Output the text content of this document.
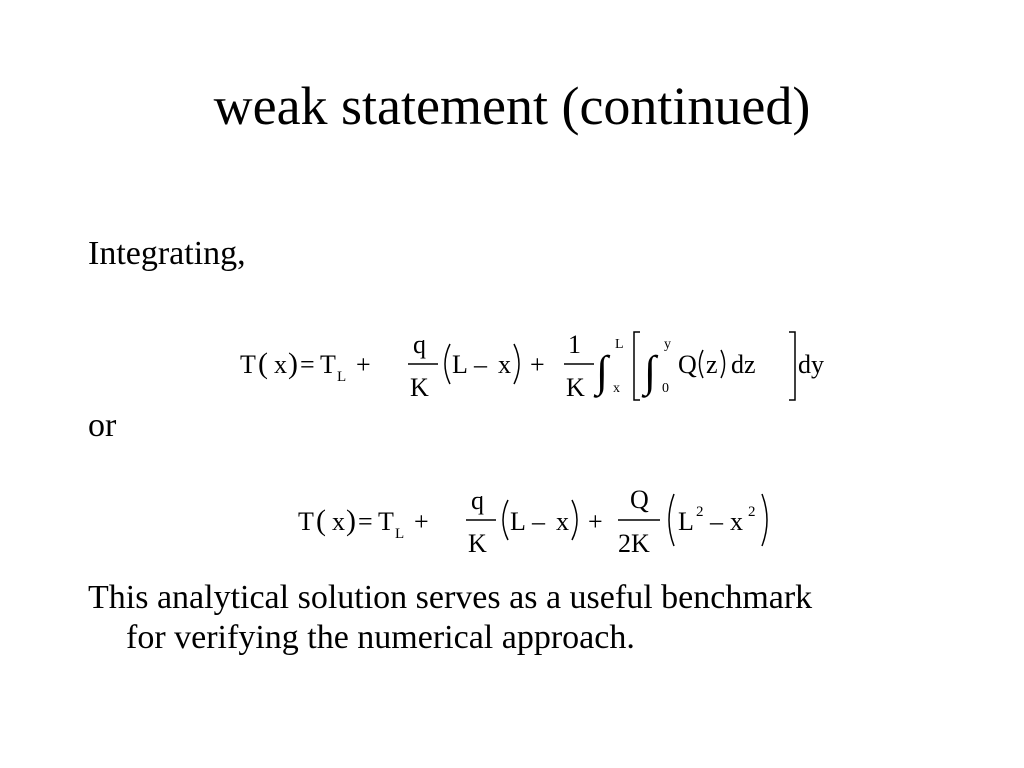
weak statement (continued)
Integrating,
T ( x ) = T L +
q
K
L – x +
1
K ∫
L
x ∫
y
0
Q z dz dy
or
T ( x ) = T L +
q
K
L – x +
Q
2K
L 2 – x 2
This analytical solution serves as a useful benchmark
for verifying the numerical approach.
